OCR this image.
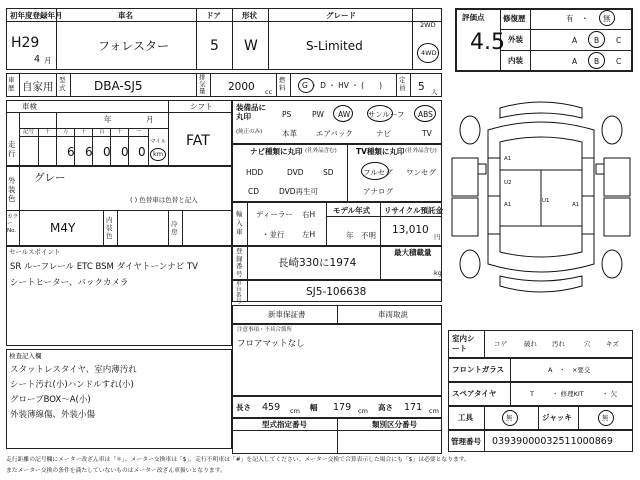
初年度登録年月	車名	ドア	形状	グレード
H29
4 月
フォレスター	5 W	S-Limited
2WD
4WD
車歴 自家用
型式 DBA-SJ5
排気量 2000 cc
燃料 G ・ D ・ HV ・ (　　)
定員 5 人
評価点
4.5
修復歴	有　・ 無
外装	A B C
内装	A B C
車検
年	月
シフト
FAT
記号 十 万 千 百 十 一
走行	6 6 0 0 0
マイル
km
外装色
グレー
( ) 色替車は色替と記入
カラー No.	M4Y
内装色
冷房
セールスポイント
SR ルーフレール ETC BSM ダイヤトーンナビ TV
シートヒーター、バックカメラ
検査記入欄
スタットレスタイヤ、室内薄汚れ
シート汚れ(小)ハンドルすれ(小)
グローブBOX～A(小)
外装薄線傷、外装小傷
装備品に丸印
(純正のみ)
PS	PW AW サンルーフ ABS
本革	エアバック	ナビ	TV
ナビ種類に丸印 (社外品含む)
HDD	DVD	SD
CD	DVD再生可
TV種類に丸印 (社外品含む)
フルセグ ワンセグ
アナログ
輸入車
ディーラー
・並行
右H
左H
モデル年式
年　不明
リサイクル預託金
13,010
円
登録番号
長崎330に1974
最大積載量
kg
車台番号
SJ5-106638
新車保証書	車両取説
注意事項・不具合箇所
フロアマットなし
長さ 459 cm 幅 179 cm 高さ 171 cm
型式指定番号	類別区分番号
A1
U2
U1
A1	A1
室内シート	コゲ	破れ 汚れ	穴 キズ
フロントガラス	A　・　×要交
スペアタイヤ	T	・ 修理KIT	・ 欠
工具	無	ジャッキ	無
管理番号 039390000325110008​69
走行距離の記号欄にメーター改ざん車は「＊」、メーター交換車は「$」、走行不明車は「#」を記入してください。メーター交換で合算表示した場合にも「$」は必要となります。
またメーター交換の条件を満たしていないものはメーター改ざん車扱いとなります。
